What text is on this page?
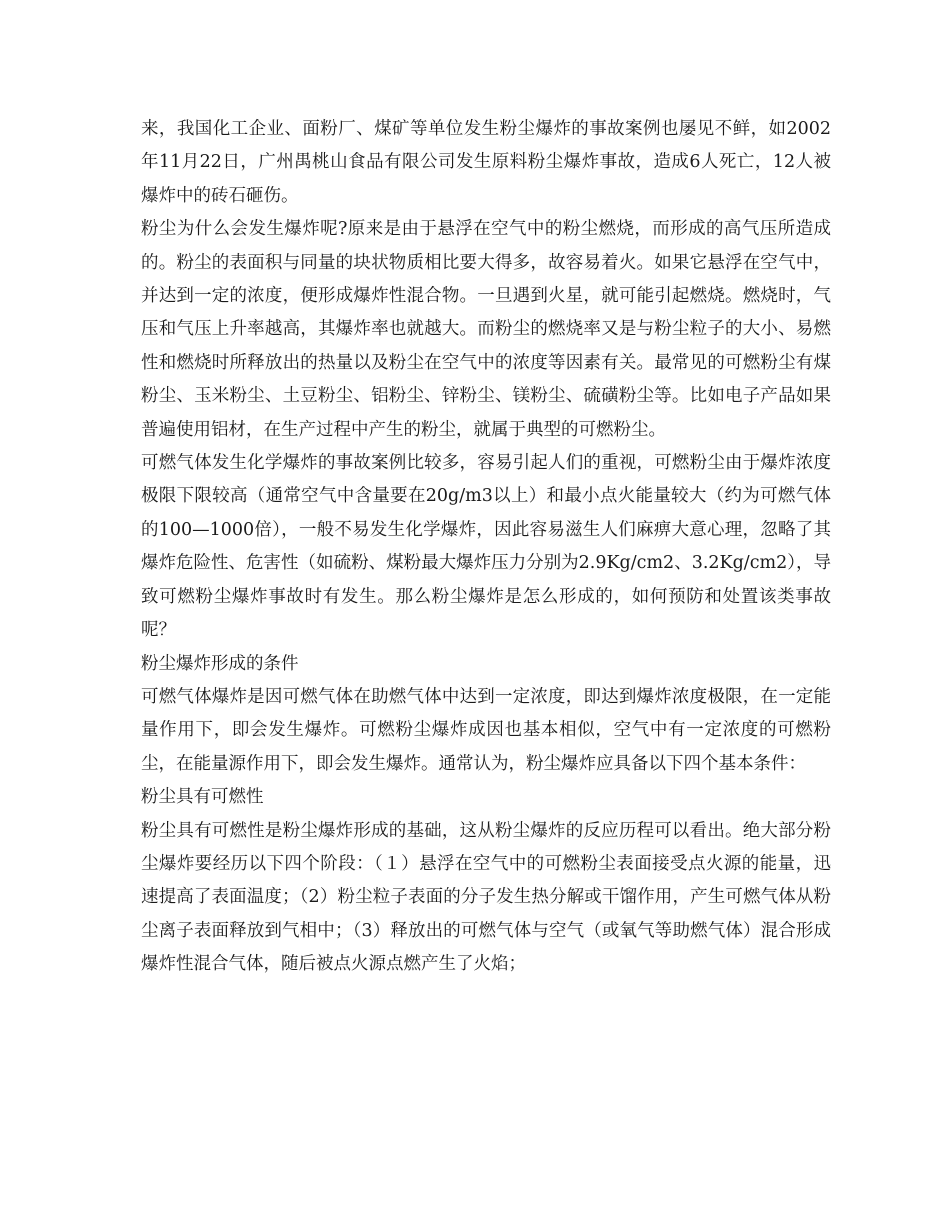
来，我国化工企业、面粉厂、煤矿等单位发生粉尘爆炸的事故案例也屡见不鲜，如2002年11月22日，广州禺桃山食品有限公司发生原料粉尘爆炸事故，造成6人死亡，12人被爆炸中的砖石砸伤。

粉尘为什么会发生爆炸呢?原来是由于悬浮在空气中的粉尘燃烧，而形成的高气压所造成的。粉尘的表面积与同量的块状物质相比要大得多，故容易着火。如果它悬浮在空气中，并达到一定的浓度，便形成爆炸性混合物。一旦遇到火星，就可能引起燃烧。燃烧时，气压和气压上升率越高，其爆炸率也就越大。而粉尘的燃烧率又是与粉尘粒子的大小、易燃性和燃烧时所释放出的热量以及粉尘在空气中的浓度等因素有关。最常见的可燃粉尘有煤粉尘、玉米粉尘、土豆粉尘、铝粉尘、锌粉尘、镁粉尘、硫磺粉尘等。比如电子产品如果普遍使用铝材，在生产过程中产生的粉尘，就属于典型的可燃粉尘。

可燃气体发生化学爆炸的事故案例比较多，容易引起人们的重视，可燃粉尘由于爆炸浓度极限下限较高（通常空气中含量要在20g/m3以上）和最小点火能量较大（约为可燃气体的100—1000倍），一般不易发生化学爆炸，因此容易滋生人们麻痹大意心理，忽略了其爆炸危险性、危害性（如硫粉、煤粉最大爆炸压力分别为2.9Kg/cm2、3.2Kg/cm2），导致可燃粉尘爆炸事故时有发生。那么粉尘爆炸是怎么形成的，如何预防和处置该类事故呢？

粉尘爆炸形成的条件

可燃气体爆炸是因可燃气体在助燃气体中达到一定浓度，即达到爆炸浓度极限，在一定能量作用下，即会发生爆炸。可燃粉尘爆炸成因也基本相似，空气中有一定浓度的可燃粉尘，在能量源作用下，即会发生爆炸。通常认为，粉尘爆炸应具备以下四个基本条件：

粉尘具有可燃性

粉尘具有可燃性是粉尘爆炸形成的基础，这从粉尘爆炸的反应历程可以看出。绝大部分粉尘爆炸要经历以下四个阶段：（１）悬浮在空气中的可燃粉尘表面接受点火源的能量，迅速提高了表面温度；（2）粉尘粒子表面的分子发生热分解或干馏作用，产生可燃气体从粉尘离子表面释放到气相中；（3）释放出的可燃气体与空气（或氧气等助燃气体）混合形成爆炸性混合气体，随后被点火源点燃产生了火焰；
